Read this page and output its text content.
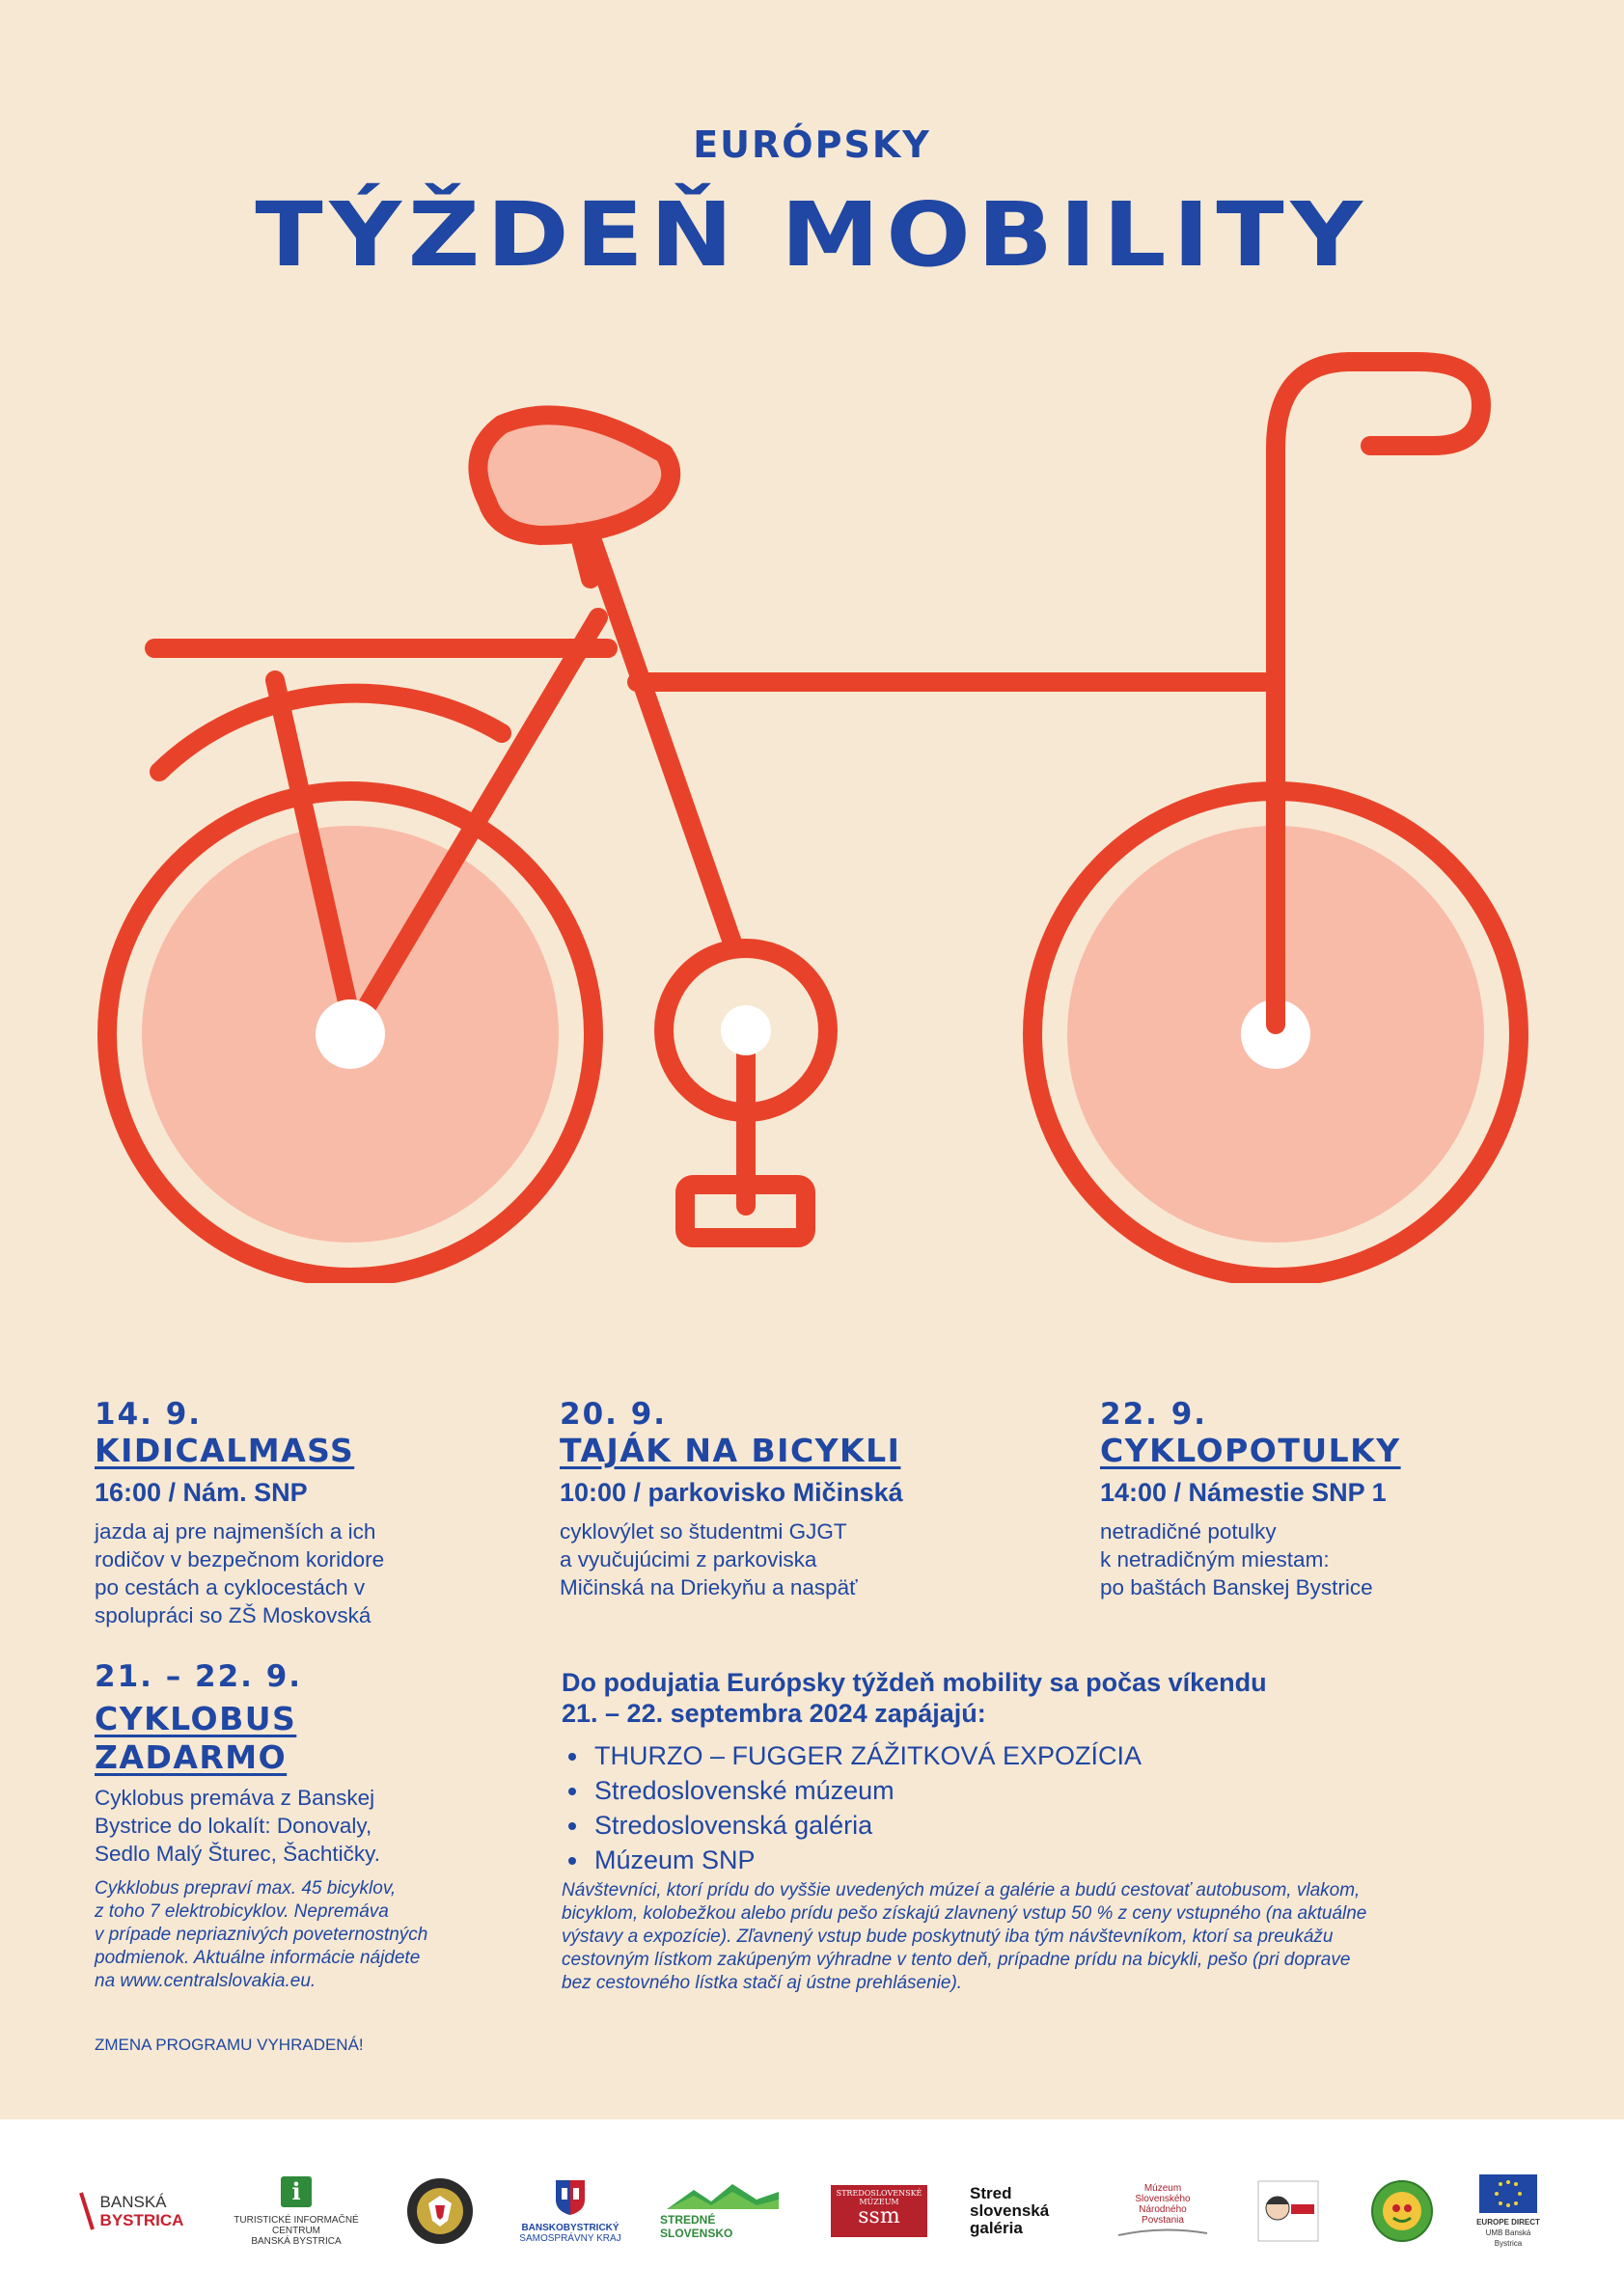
EURÓPSKY
TÝŽDEŇ MOBILITY
14. 9.
KIDICALMASS
16:00 / Nám. SNP
jazda aj pre najmenších a ich
rodičov v bezpečnom koridore
po cestách a cyklocestách v
spolupráci so ZŠ Moskovská
20. 9.
TAJÁK NA BICYKLI
10:00 / parkovisko Mičinská
cyklovýlet so študentmi GJGT
a vyučujúcimi z parkoviska
Mičinská na Driekyňu a naspäť
22. 9.
CYKLOPOTULKY
14:00 / Námestie SNP 1
netradičné potulky
k netradičným miestam:
po baštách Banskej Bystrice
21. – 22. 9.
CYKLOBUS
ZADARMO
Cyklobus premáva z Banskej
Bystrice do lokalít: Donovaly,
Sedlo Malý Šturec, Šachtičky.
Cykklobus prepraví max. 45 bicyklov,
z toho 7 elektrobicyklov. Nepremáva
v prípade nepriaznivých poveternostných
podmienok. Aktuálne informácie nájdete
na www.centralslovakia.eu.
ZMENA PROGRAMU VYHRADENÁ!
Do podujatia Európsky týždeň mobility sa počas víkendu
21. – 22. septembra 2024 zapájajú:
• THURZO – FUGGER ZÁŽITKOVÁ EXPOZÍCIA
• Stredoslovenské múzeum
• Stredoslovenská galéria
• Múzeum SNP
Návštevníci, ktorí prídu do vyššie uvedených múzeí a galérie a budú cestovať autobusom, vlakom,
bicyklom, kolobežkou alebo prídu pešo získajú zlavnený vstup 50 % z ceny vstupného (na aktuálne
výstavy a expozície). Zľavnený vstup bude poskytnutý iba tým návštevníkom, ktorí sa preukážu
cestovným lístkom zakúpeným výhradne v tento deň, prípadne prídu na bicykli, pešo (pri doprave
bez cestovného lístka stačí aj ústne prehlásenie).
BANSKÁ
BYSTRICA
i
TURISTICKÉ INFORMAČNÉ CENTRUM
BANSKÁ BYSTRICA
BANSKOBYSTRICKÝ
SAMOSPRÁVNY KRAJ
STREDNÉ SLOVENSKO
STREDOSLOVENSKÉ
MÚZEUM
ssm
Stred
slovenská
galéria
Múzeum
Slovenského
Národného
Povstania	EUROPE DIRECT
UMB Banská Bystrica
